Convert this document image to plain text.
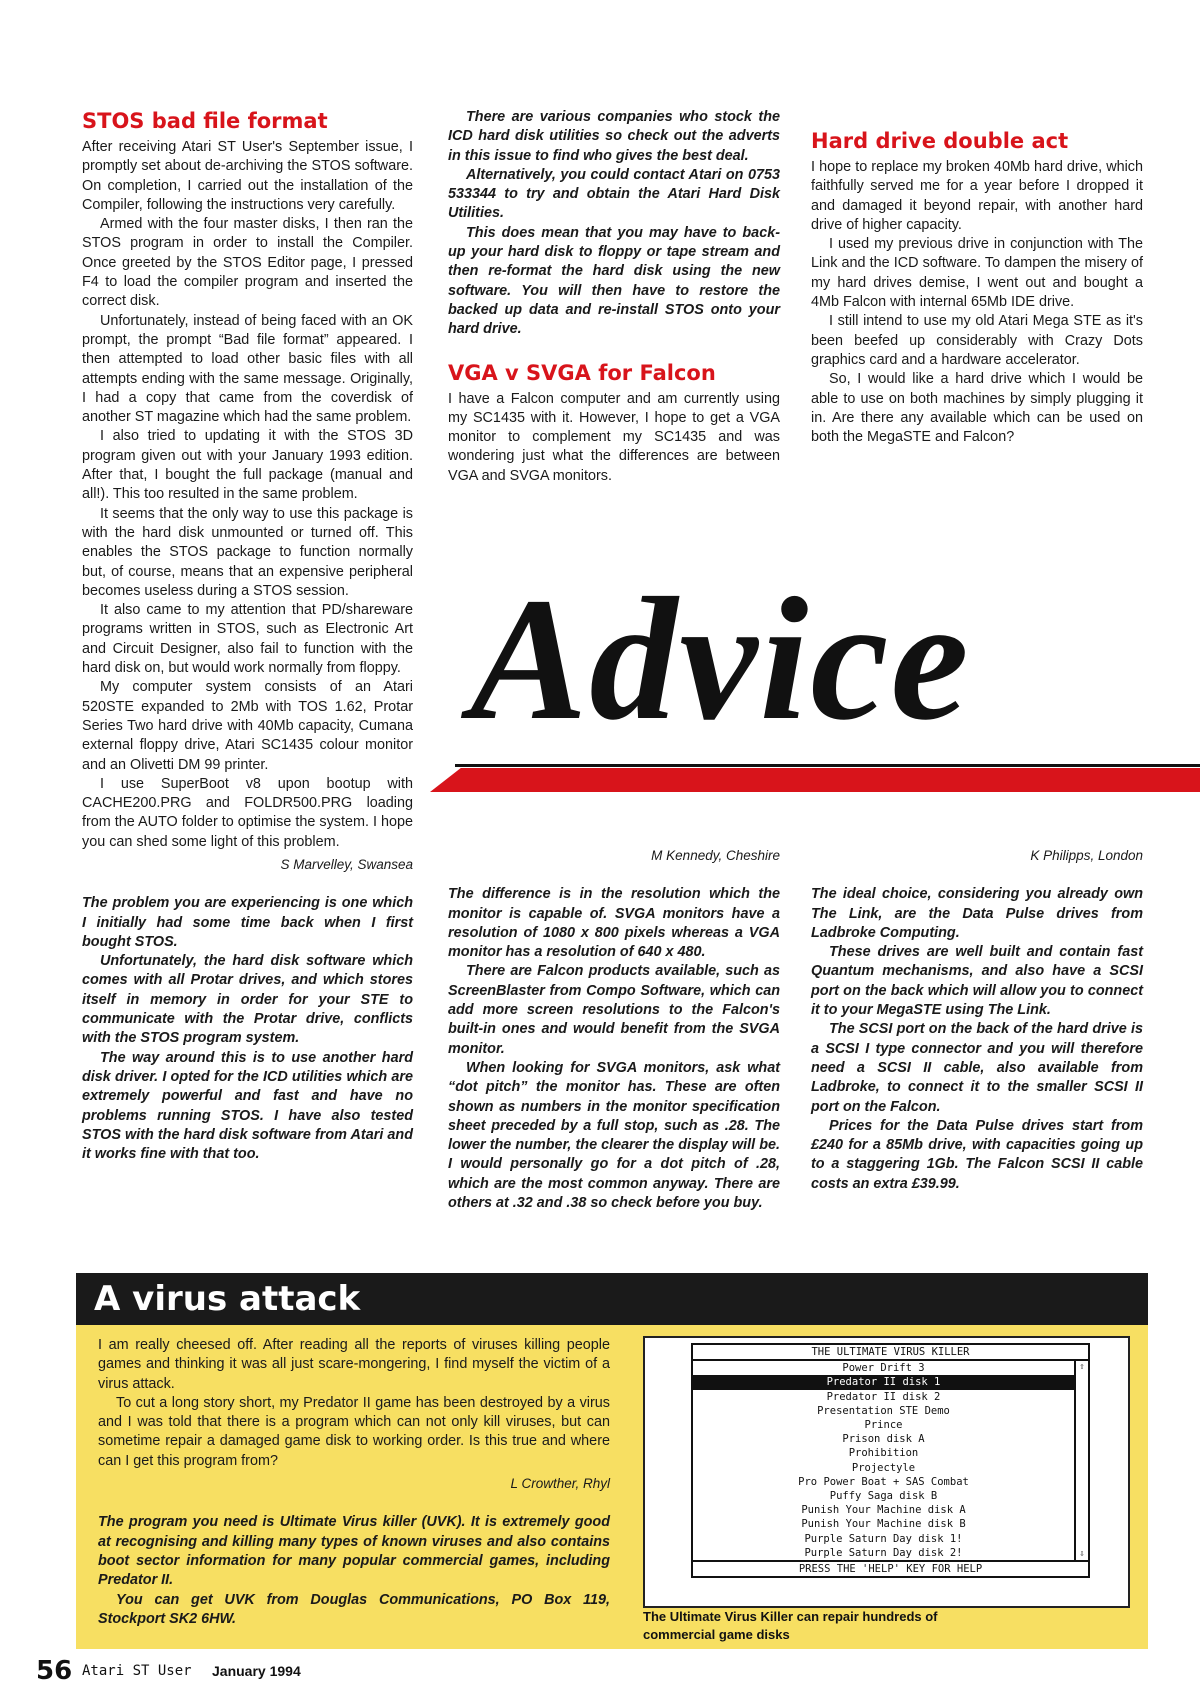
STOS bad file format

After receiving Atari ST User's September issue, I promptly set about de-archiving the STOS software. On completion, I carried out the installation of the Compiler, following the instructions very carefully.

Armed with the four master disks, I then ran the STOS program in order to install the Compiler. Once greeted by the STOS Editor page, I pressed F4 to load the compiler program and inserted the correct disk.

Unfortunately, instead of being faced with an OK prompt, the prompt “Bad file format” appeared. I then attempted to load other basic files with all attempts ending with the same message. Originally, I had a copy that came from the coverdisk of another ST magazine which had the same problem.

I also tried to updating it with the STOS 3D program given out with your January 1993 edition. After that, I bought the full package (manual and all!). This too resulted in the same problem.

It seems that the only way to use this package is with the hard disk unmounted or turned off. This enables the STOS package to function normally but, of course, means that an expensive peripheral becomes useless during a STOS session.

It also came to my attention that PD/shareware programs written in STOS, such as Electronic Art and Circuit Designer, also fail to function with the hard disk on, but would work normally from floppy.

My computer system consists of an Atari 520STE expanded to 2Mb with TOS 1.62, Protar Series Two hard drive with 40Mb capacity, Cumana external floppy drive, Atari SC1435 colour monitor and an Olivetti DM 99 printer.

I use SuperBoot v8 upon bootup with CACHE200.PRG and FOLDR500.PRG loading from the AUTO folder to optimise the system. I hope you can shed some light of this problem.

S Marvelley, Swansea

The problem you are experiencing is one which I initially had some time back when I first bought STOS.

Unfortunately, the hard disk software which comes with all Protar drives, and which stores itself in memory in order for your STE to communicate with the Protar drive, conflicts with the STOS program system.

The way around this is to use another hard disk driver. I opted for the ICD utilities which are extremely powerful and fast and have no problems running STOS. I have also tested STOS with the hard disk software from Atari and it works fine with that too.

There are various companies who stock the ICD hard disk utilities so check out the adverts in this issue to find who gives the best deal.

Alternatively, you could contact Atari on 0753 533344 to try and obtain the Atari Hard Disk Utilities.

This does mean that you may have to back-up your hard disk to floppy or tape stream and then re-format the hard disk using the new software. You will then have to restore the backed up data and re-install STOS onto your hard drive.

VGA v SVGA for Falcon

I have a Falcon computer and am currently using my SC1435 with it. However, I hope to get a VGA monitor to complement my SC1435 and was wondering just what the differences are between VGA and SVGA monitors.

Hard drive double act

I hope to replace my broken 40Mb hard drive, which faithfully served me for a year before I dropped it and damaged it beyond repair, with another hard drive of higher capacity.

I used my previous drive in conjunction with The Link and the ICD software. To dampen the misery of my hard drives demise, I went out and bought a 4Mb Falcon with internal 65Mb IDE drive.

I still intend to use my old Atari Mega STE as it's been beefed up considerably with Crazy Dots graphics card and a hardware accelerator.

So, I would like a hard drive which I would be able to use on both machines by simply plugging it in. Are there any available which can be used on both the MegaSTE and Falcon?

Advice

M Kennedy, Cheshire

The difference is in the resolution which the monitor is capable of. SVGA monitors have a resolution of 1080 x 800 pixels whereas a VGA monitor has a resolution of 640 x 480.

There are Falcon products available, such as ScreenBlaster from Compo Software, which can add more screen resolutions to the Falcon's built-in ones and would benefit from the SVGA monitor.

When looking for SVGA monitors, ask what “dot pitch” the monitor has. These are often shown as numbers in the monitor specification sheet preceded by a full stop, such as .28. The lower the number, the clearer the display will be. I would personally go for a dot pitch of .28, which are the most common anyway. There are others at .32 and .38 so check before you buy.

K Philipps, London

The ideal choice, considering you already own The Link, are the Data Pulse drives from Ladbroke Computing.

These drives are well built and contain fast Quantum mechanisms, and also have a SCSI port on the back which will allow you to connect it to your MegaSTE using The Link.

The SCSI port on the back of the hard drive is a SCSI I type connector and you will therefore need a SCSI II cable, also available from Ladbroke, to connect it to the smaller SCSI II port on the Falcon.

Prices for the Data Pulse drives start from £240 for a 85Mb drive, with capacities going up to a staggering 1Gb. The Falcon SCSI II cable costs an extra £39.99.

A virus attack

I am really cheesed off. After reading all the reports of viruses killing people games and thinking it was all just scare-mongering, I find myself the victim of a virus attack.

To cut a long story short, my Predator II game has been destroyed by a virus and I was told that there is a program which can not only kill viruses, but can sometime repair a damaged game disk to working order. Is this true and where can I get this program from?

L Crowther, Rhyl

The program you need is Ultimate Virus killer (UVK). It is extremely good at recognising and killing many types of known viruses and also contains boot sector information for many popular commercial games, including Predator II.

You can get UVK from Douglas Communications, PO Box 119, Stockport SK2 6HW.

THE ULTIMATE VIRUS KILLER
Power Drift 3
Predator II disk 1
Predator II disk 2
Presentation STE Demo
Prince
Prison disk A
Prohibition
Projectyle
Pro Power Boat + SAS Combat
Puffy Saga disk B
Punish Your Machine disk A
Punish Your Machine disk B
Purple Saturn Day disk 1!
Purple Saturn Day disk 2!
⇧
⇩
PRESS THE 'HELP' KEY FOR HELP

The Ultimate Virus Killer can repair hundreds of commercial game disks

56 Atari ST User January 1994
